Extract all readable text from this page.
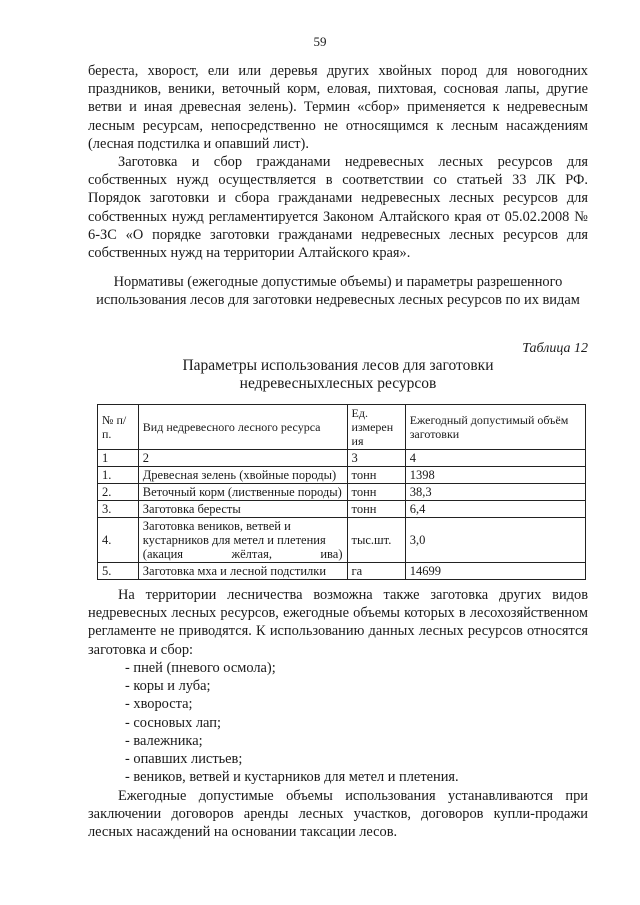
59

береста, хворост, ели или деревья других хвойных пород для новогодних праздников, веники, веточный корм, еловая, пихтовая, сосновая лапы, другие ветви и иная древесная зелень). Термин «сбор» применяется к недревесным лесным ресурсам, непосредственно не относящимся к лесным насаждениям (лесная подстилка и опавший лист).

Заготовка и сбор гражданами недревесных лесных ресурсов для собственных нужд осуществляется в соответствии со статьей 33 ЛК РФ. Порядок заготовки и сбора гражданами недревесных лесных ресурсов для собственных нужд регламентируется Законом Алтайского края от 05.02.2008 № 6-ЗС «О порядке заготовки гражданами недревесных лесных ресурсов для собственных нужд на территории Алтайского края».

Нормативы (ежегодные допустимые объемы) и параметры разрешенного использования лесов для заготовки недревесных лесных ресурсов по их видам

Таблица 12
Параметры использования лесов для заготовки
недревесныхлесных ресурсов
№ п/п.	Вид недревесного лесного ресурса	Ед. измерен ия	Ежегодный допустимый объём заготовки
1	2	3	4
1.	Древесная зелень (хвойные породы)	тонн	1398
2.	Веточный корм (лиственные породы)	тонн	38,3
3.	Заготовка бересты	тонн	6,4
4.	Заготовка веников, ветвей и кустарников для метел и плетения (акация жёлтая, ива)	тыс.шт.	3,0
5.	Заготовка мха и лесной подстилки	га	14699

На территории лесничества возможна также заготовка других видов недревесных лесных ресурсов, ежегодные объемы которых в лесохозяйственном регламенте не приводятся. К использованию данных лесных ресурсов относятся заготовка и сбор:

- пней (пневого осмола);
- коры и луба;
- хвороста;
- сосновых лап;
- валежника;
- опавших листьев;
- веников, ветвей и кустарников для метел и плетения.

Ежегодные допустимые объемы использования устанавливаются при заключении договоров аренды лесных участков, договоров купли-продажи лесных насаждений на основании таксации лесов.
